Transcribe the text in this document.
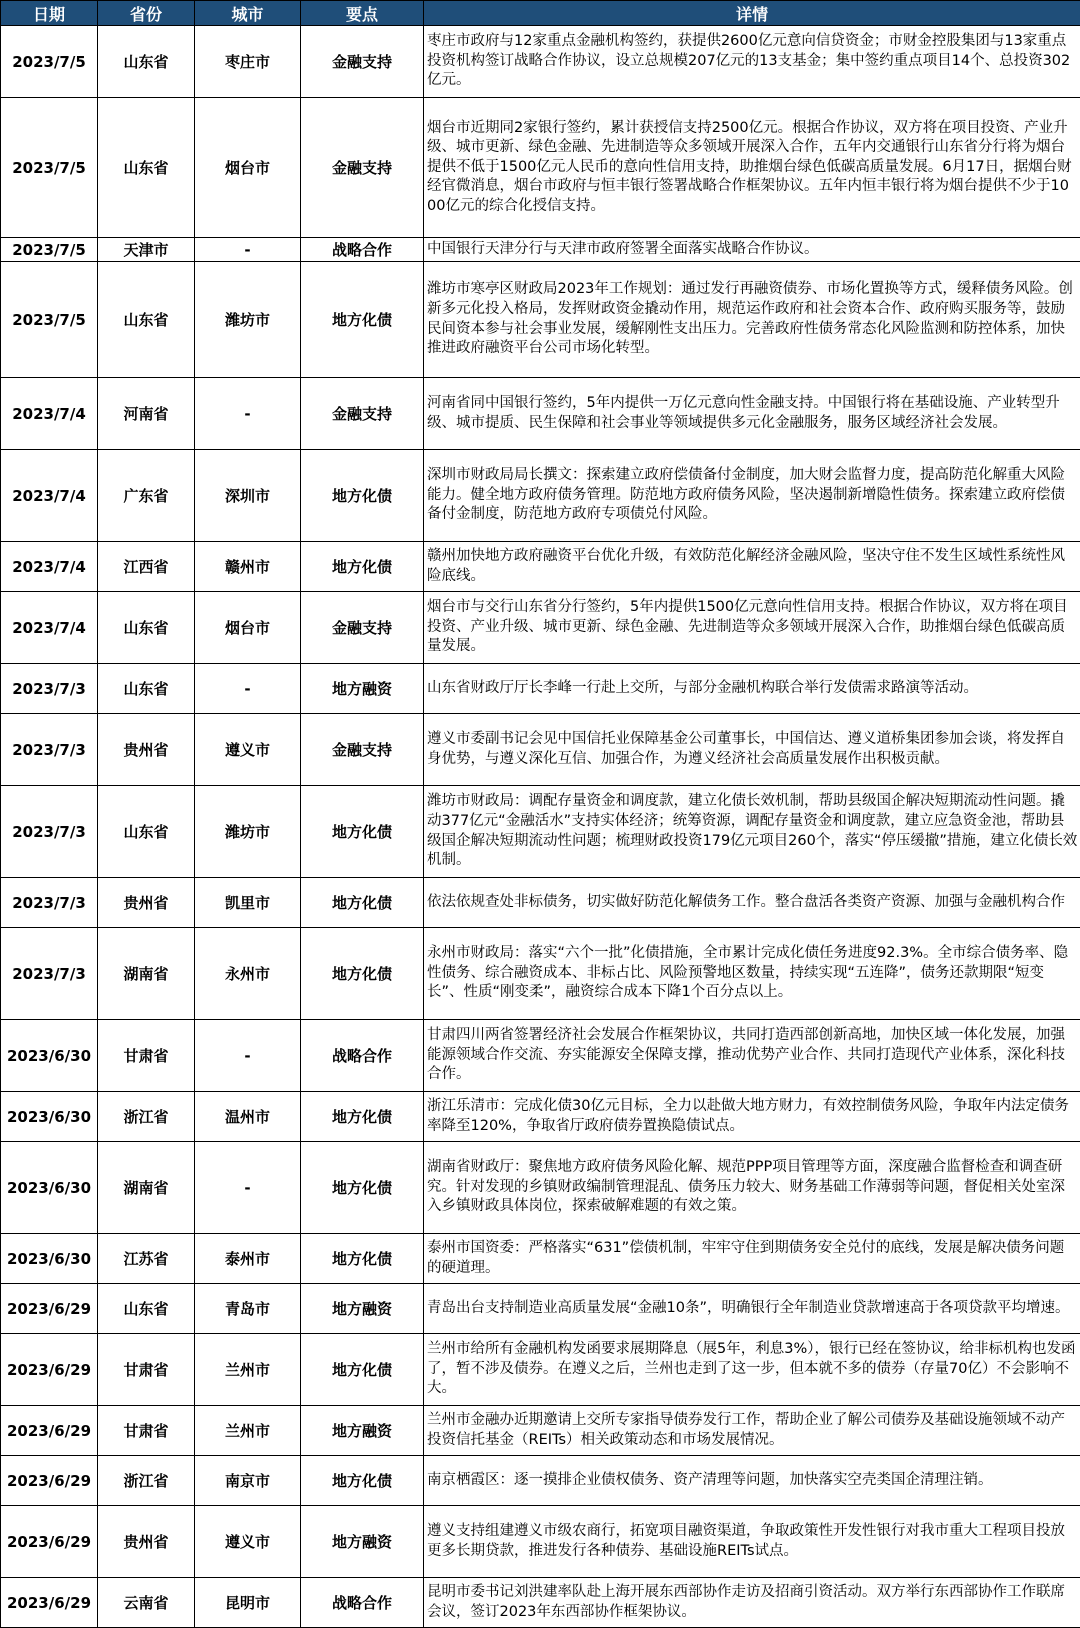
日期	省份	城市	要点	详情
2023/7/5	山东省	枣庄市	金融支持	枣庄市政府与12家重点金融机构签约，获提供2600亿元意向信贷资金；市财金控股集团与13家重点投资机构签订战略合作协议，设立总规模207亿元的13支基金；集中签约重点项目14个、总投资302亿元。
2023/7/5	山东省	烟台市	金融支持	烟台市近期同2家银行签约，累计获授信支持2500亿元。根据合作协议，双方将在项目投资、产业升级、城市更新、绿色金融、先进制造等众多领域开展深入合作，五年内交通银行山东省分行将为烟台提供不低于1500亿元人民币的意向性信用支持，助推烟台绿色低碳高质量发展。6月17日，据烟台财经官微消息，烟台市政府与恒丰银行签署战略合作框架协议。五年内恒丰银行将为烟台提供不少于1000亿元的综合化授信支持。
2023/7/5	天津市	-	战略合作	中国银行天津分行与天津市政府签署全面落实战略合作协议。
2023/7/5	山东省	潍坊市	地方化债	潍坊市寒亭区财政局2023年工作规划：通过发行再融资债券、市场化置换等方式，缓释债务风险。创新多元化投入格局，发挥财政资金撬动作用，规范运作政府和社会资本合作、政府购买服务等，鼓励民间资本参与社会事业发展，缓解刚性支出压力。完善政府性债务常态化风险监测和防控体系，加快推进政府融资平台公司市场化转型。
2023/7/4	河南省	-	金融支持	河南省同中国银行签约，5年内提供一万亿元意向性金融支持。中国银行将在基础设施、产业转型升级、城市提质、民生保障和社会事业等领域提供多元化金融服务，服务区域经济社会发展。
2023/7/4	广东省	深圳市	地方化债	深圳市财政局局长撰文：探索建立政府偿债备付金制度，加大财会监督力度，提高防范化解重大风险能力。健全地方政府债务管理。防范地方政府债务风险，坚决遏制新增隐性债务。探索建立政府偿债备付金制度，防范地方政府专项债兑付风险。
2023/7/4	江西省	赣州市	地方化债	赣州加快地方政府融资平台优化升级，有效防范化解经济金融风险，坚决守住不发生区域性系统性风险底线。
2023/7/4	山东省	烟台市	金融支持	烟台市与交行山东省分行签约，5年内提供1500亿元意向性信用支持。根据合作协议，双方将在项目投资、产业升级、城市更新、绿色金融、先进制造等众多领域开展深入合作，助推烟台绿色低碳高质量发展。
2023/7/3	山东省	-	地方融资	山东省财政厅厅长李峰一行赴上交所，与部分金融机构联合举行发债需求路演等活动。
2023/7/3	贵州省	遵义市	金融支持	遵义市委副书记会见中国信托业保障基金公司董事长，中国信达、遵义道桥集团参加会谈，将发挥自身优势，与遵义深化互信、加强合作，为遵义经济社会高质量发展作出积极贡献。
2023/7/3	山东省	潍坊市	地方化债	潍坊市财政局：调配存量资金和调度款，建立化债长效机制，帮助县级国企解决短期流动性问题。撬动377亿元“金融活水”支持实体经济；统筹资源，调配存量资金和调度款，建立应急资金池，帮助县级国企解决短期流动性问题；梳理财政投资179亿元项目260个，落实“停压缓撤”措施，建立化债长效机制。
2023/7/3	贵州省	凯里市	地方化债	依法依规查处非标债务，切实做好防范化解债务工作。整合盘活各类资产资源、加强与金融机构合作
2023/7/3	湖南省	永州市	地方化债	永州市财政局：落实“六个一批”化债措施，全市累计完成化债任务进度92.3%。全市综合债务率、隐性债务、综合融资成本、非标占比、风险预警地区数量，持续实现“五连降”，债务还款期限“短变长”、性质“刚变柔”，融资综合成本下降1个百分点以上。
2023/6/30	甘肃省	-	战略合作	甘肃四川两省签署经济社会发展合作框架协议，共同打造西部创新高地，加快区域一体化发展，加强能源领域合作交流、夯实能源安全保障支撑，推动优势产业合作、共同打造现代产业体系，深化科技合作。
2023/6/30	浙江省	温州市	地方化债	浙江乐清市：完成化债30亿元目标，全力以赴做大地方财力，有效控制债务风险，争取年内法定债务率降至120%，争取省厅政府债券置换隐债试点。
2023/6/30	湖南省	-	地方化债	湖南省财政厅：聚焦地方政府债务风险化解、规范PPP项目管理等方面，深度融合监督检查和调查研究。针对发现的乡镇财政编制管理混乱、债务压力较大、财务基础工作薄弱等问题，督促相关处室深入乡镇财政具体岗位，探索破解难题的有效之策。
2023/6/30	江苏省	泰州市	地方化债	泰州市国资委：严格落实“631”偿债机制，牢牢守住到期债务安全兑付的底线，发展是解决债务问题的硬道理。
2023/6/29	山东省	青岛市	地方融资	青岛出台支持制造业高质量发展“金融10条”，明确银行全年制造业贷款增速高于各项贷款平均增速。
2023/6/29	甘肃省	兰州市	地方化债	兰州市给所有金融机构发函要求展期降息（展5年，利息3%），银行已经在签协议，给非标机构也发函了，暂不涉及债券。在遵义之后，兰州也走到了这一步，但本就不多的债券（存量70亿）不会影响不大。
2023/6/29	甘肃省	兰州市	地方融资	兰州市金融办近期邀请上交所专家指导债券发行工作，帮助企业了解公司债券及基础设施领域不动产投资信托基金（REITs）相关政策动态和市场发展情况。
2023/6/29	浙江省	南京市	地方化债	南京栖霞区：逐一摸排企业债权债务、资产清理等问题，加快落实空壳类国企清理注销。
2023/6/29	贵州省	遵义市	地方融资	遵义支持组建遵义市级农商行，拓宽项目融资渠道，争取政策性开发性银行对我市重大工程项目投放更多长期贷款，推进发行各种债券、基础设施REITs试点。
2023/6/29	云南省	昆明市	战略合作	昆明市委书记刘洪建率队赴上海开展东西部协作走访及招商引资活动。双方举行东西部协作工作联席会议，签订2023年东西部协作框架协议。
